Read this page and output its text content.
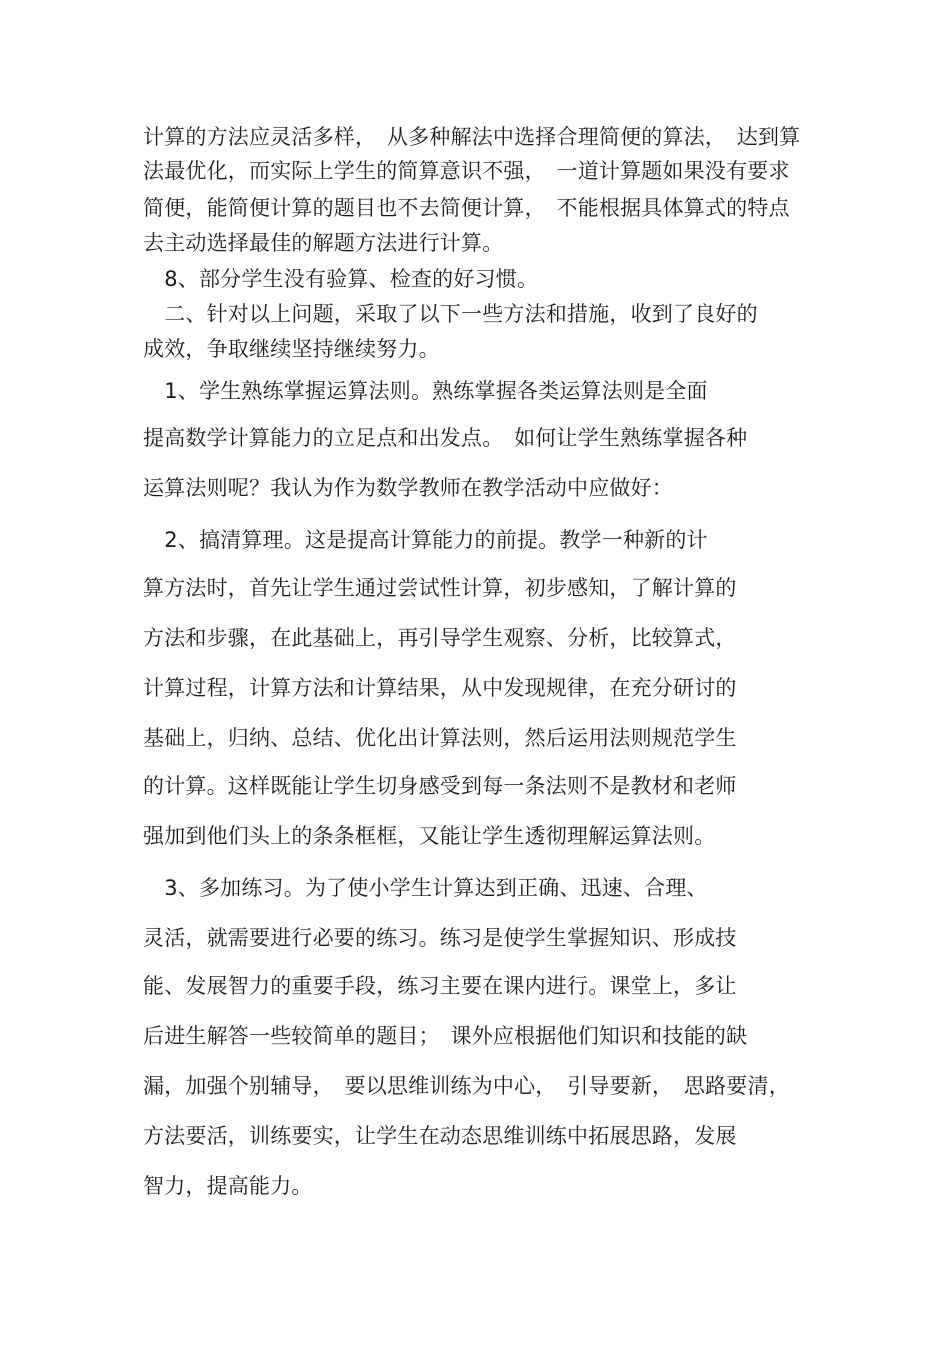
计算的方法应灵活多样，　从多种解法中选择合理简便的算法，　达到算
法最优化，而实际上学生的简算意识不强，　一道计算题如果没有要求
简便，能简便计算的题目也不去简便计算，　不能根据具体算式的特点
去主动选择最佳的解题方法进行计算。
　8、部分学生没有验算、检查的好习惯。
　二、针对以上问题，采取了以下一些方法和措施，收到了良好的
成效，争取继续坚持继续努力。
　1、学生熟练掌握运算法则。熟练掌握各类运算法则是全面
提高数学计算能力的立足点和出发点。　如何让学生熟练掌握各种
运算法则呢？我认为作为数学教师在教学活动中应做好：
　2、搞清算理。这是提高计算能力的前提。教学一种新的计
算方法时，首先让学生通过尝试性计算，初步感知，了解计算的
方法和步骤，在此基础上，再引导学生观察、分析，比较算式，
计算过程，计算方法和计算结果，从中发现规律，在充分研讨的
基础上，归纳、总结、优化出计算法则，然后运用法则规范学生
的计算。这样既能让学生切身感受到每一条法则不是教材和老师
强加到他们头上的条条框框，又能让学生透彻理解运算法则。
　3、多加练习。为了使小学生计算达到正确、迅速、合理、
灵活，就需要进行必要的练习。练习是使学生掌握知识、形成技
能、发展智力的重要手段，练习主要在课内进行。课堂上，多让
后进生解答一些较简单的题目；　课外应根据他们知识和技能的缺
漏，加强个别辅导，　要以思维训练为中心，　引导要新，　思路要清，
方法要活，训练要实，让学生在动态思维训练中拓展思路，发展
智力，提高能力。
